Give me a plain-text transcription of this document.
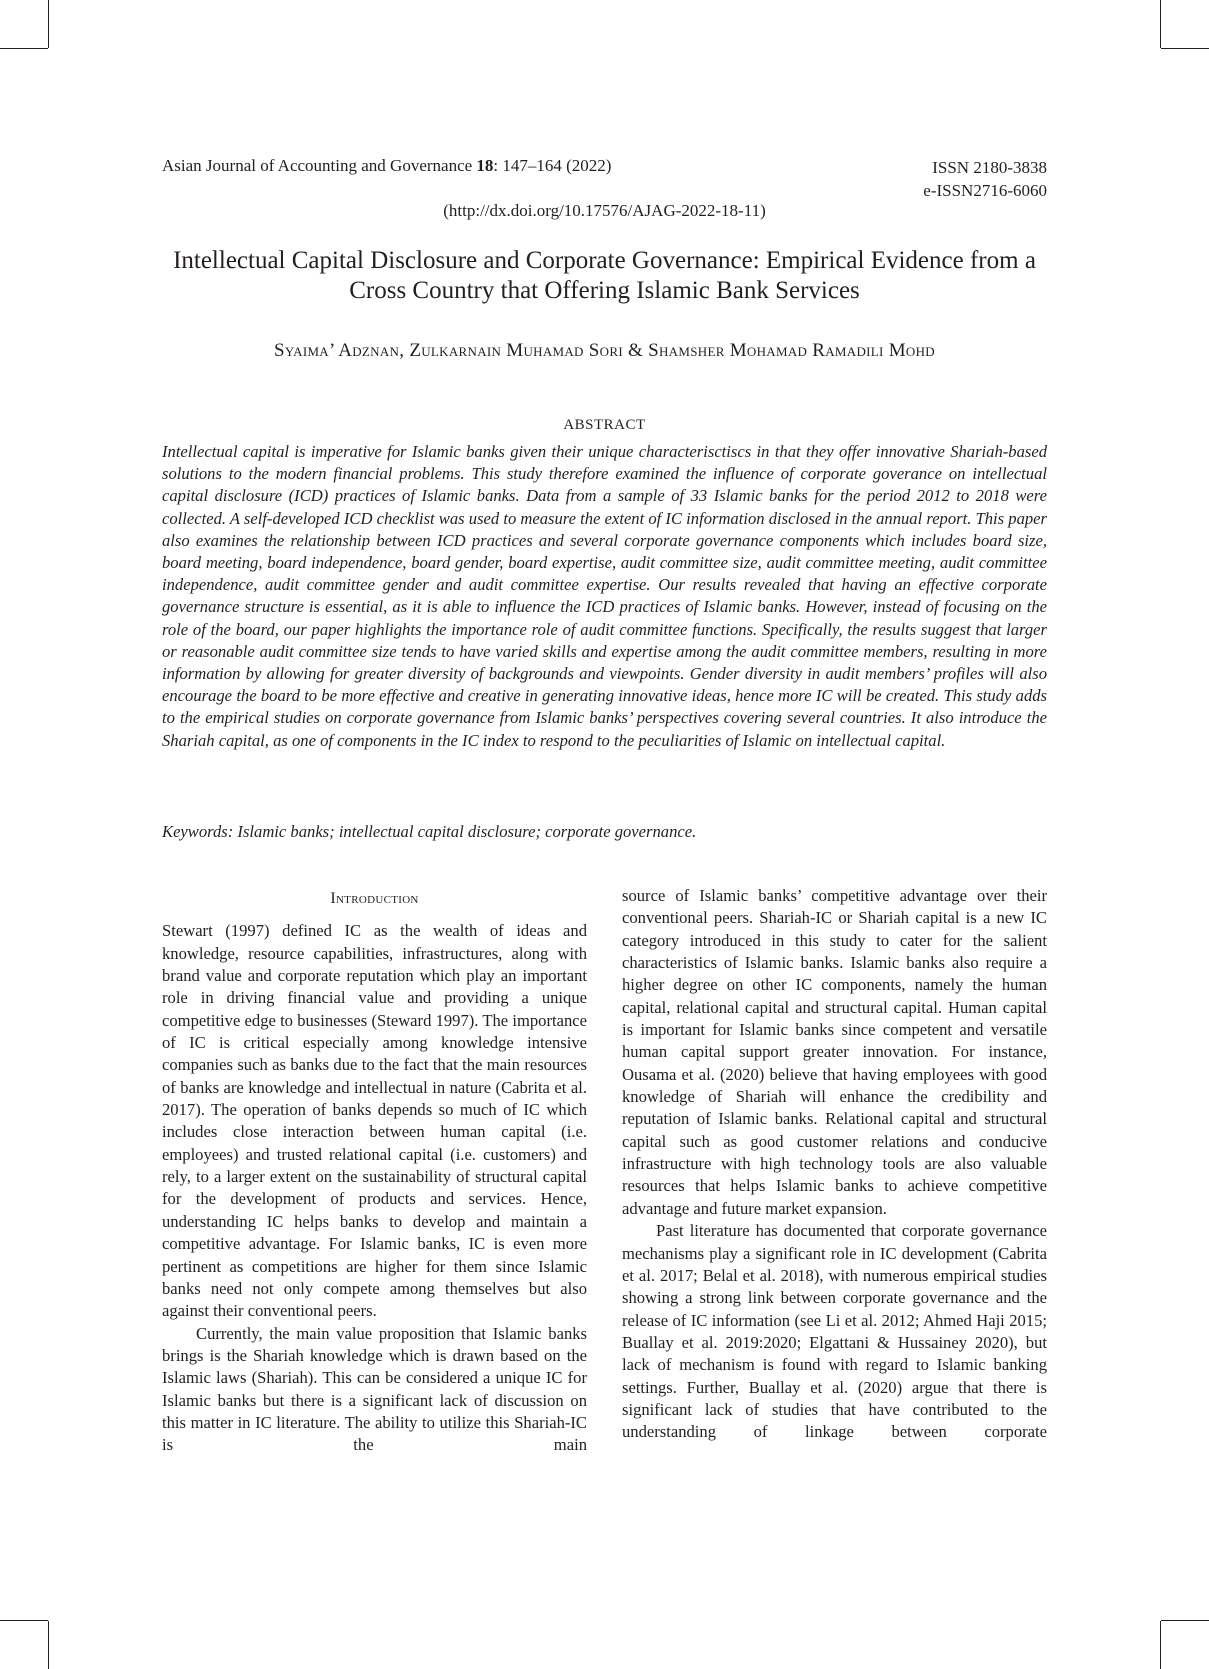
Asian Journal of Accounting and Governance 18: 147–164 (2022)	ISSN 2180-3838
e-ISSN2716-6060
(http://dx.doi.org/10.17576/AJAG-2022-18-11)
Intellectual Capital Disclosure and Corporate Governance: Empirical Evidence from a Cross Country that Offering Islamic Bank Services
Syaima’ Adznan, Zulkarnain Muhamad Sori & Shamsher Mohamad Ramadili Mohd
ABSTRACT

Intellectual capital is imperative for Islamic banks given their unique characterisctiscs in that they offer innovative Shariah-based solutions to the modern financial problems. This study therefore examined the influence of corporate goverance on intellectual capital disclosure (ICD) practices of Islamic banks. Data from a sample of 33 Islamic banks for the period 2012 to 2018 were collected. A self-developed ICD checklist was used to measure the extent of IC information disclosed in the annual report. This paper also examines the relationship between ICD practices and several corporate governance components which includes board size, board meeting, board independence, board gender, board expertise, audit committee size, audit committee meeting, audit committee independence, audit committee gender and audit committee expertise. Our results revealed that having an effective corporate governance structure is essential, as it is able to influence the ICD practices of Islamic banks. However, instead of focusing on the role of the board, our paper highlights the importance role of audit committee functions. Specifically, the results suggest that larger or reasonable audit committee size tends to have varied skills and expertise among the audit committee members, resulting in more information by allowing for greater diversity of backgrounds and viewpoints. Gender diversity in audit members’ profiles will also encourage the board to be more effective and creative in generating innovative ideas, hence more IC will be created. This study adds to the empirical studies on corporate governance from Islamic banks’ perspectives covering several countries. It also introduce the Shariah capital, as one of components in the IC index to respond to the peculiarities of Islamic on intellectual capital.

Keywords: Islamic banks; intellectual capital disclosure; corporate governance.

Introduction

Stewart (1997) defined IC as the wealth of ideas and knowledge, resource capabilities, infrastructures, along with brand value and corporate reputation which play an important role in driving financial value and providing a unique competitive edge to businesses (Steward 1997). The importance of IC is critical especially among knowledge intensive companies such as banks due to the fact that the main resources of banks are knowledge and intellectual in nature (Cabrita et al. 2017). The operation of banks depends so much of IC which includes close interaction between human capital (i.e. employees) and trusted relational capital (i.e. customers) and rely, to a larger extent on the sustainability of structural capital for the development of products and services. Hence, understanding IC helps banks to develop and maintain a competitive advantage. For Islamic banks, IC is even more pertinent as competitions are higher for them since Islamic banks need not only compete among themselves but also against their conventional peers.

Currently, the main value proposition that Islamic banks brings is the Shariah knowledge which is drawn based on the Islamic laws (Shariah). This can be considered a unique IC for Islamic banks but there is a significant lack of discussion on this matter in IC literature. The ability to utilize this Shariah-IC is the main

source of Islamic banks’ competitive advantage over their conventional peers. Shariah-IC or Shariah capital is a new IC category introduced in this study to cater for the salient characteristics of Islamic banks. Islamic banks also require a higher degree on other IC components, namely the human capital, relational capital and structural capital. Human capital is important for Islamic banks since competent and versatile human capital support greater innovation. For instance, Ousama et al. (2020) believe that having employees with good knowledge of Shariah will enhance the credibility and reputation of Islamic banks. Relational capital and structural capital such as good customer relations and conducive infrastructure with high technology tools are also valuable resources that helps Islamic banks to achieve competitive advantage and future market expansion.

Past literature has documented that corporate governance mechanisms play a significant role in IC development (Cabrita et al. 2017; Belal et al. 2018), with numerous empirical studies showing a strong link between corporate governance and the release of IC information (see Li et al. 2012; Ahmed Haji 2015; Buallay et al. 2019:2020; Elgattani & Hussainey 2020), but lack of mechanism is found with regard to Islamic banking settings. Further, Buallay et al. (2020) argue that there is significant lack of studies that have contributed to the understanding of linkage between corporate
